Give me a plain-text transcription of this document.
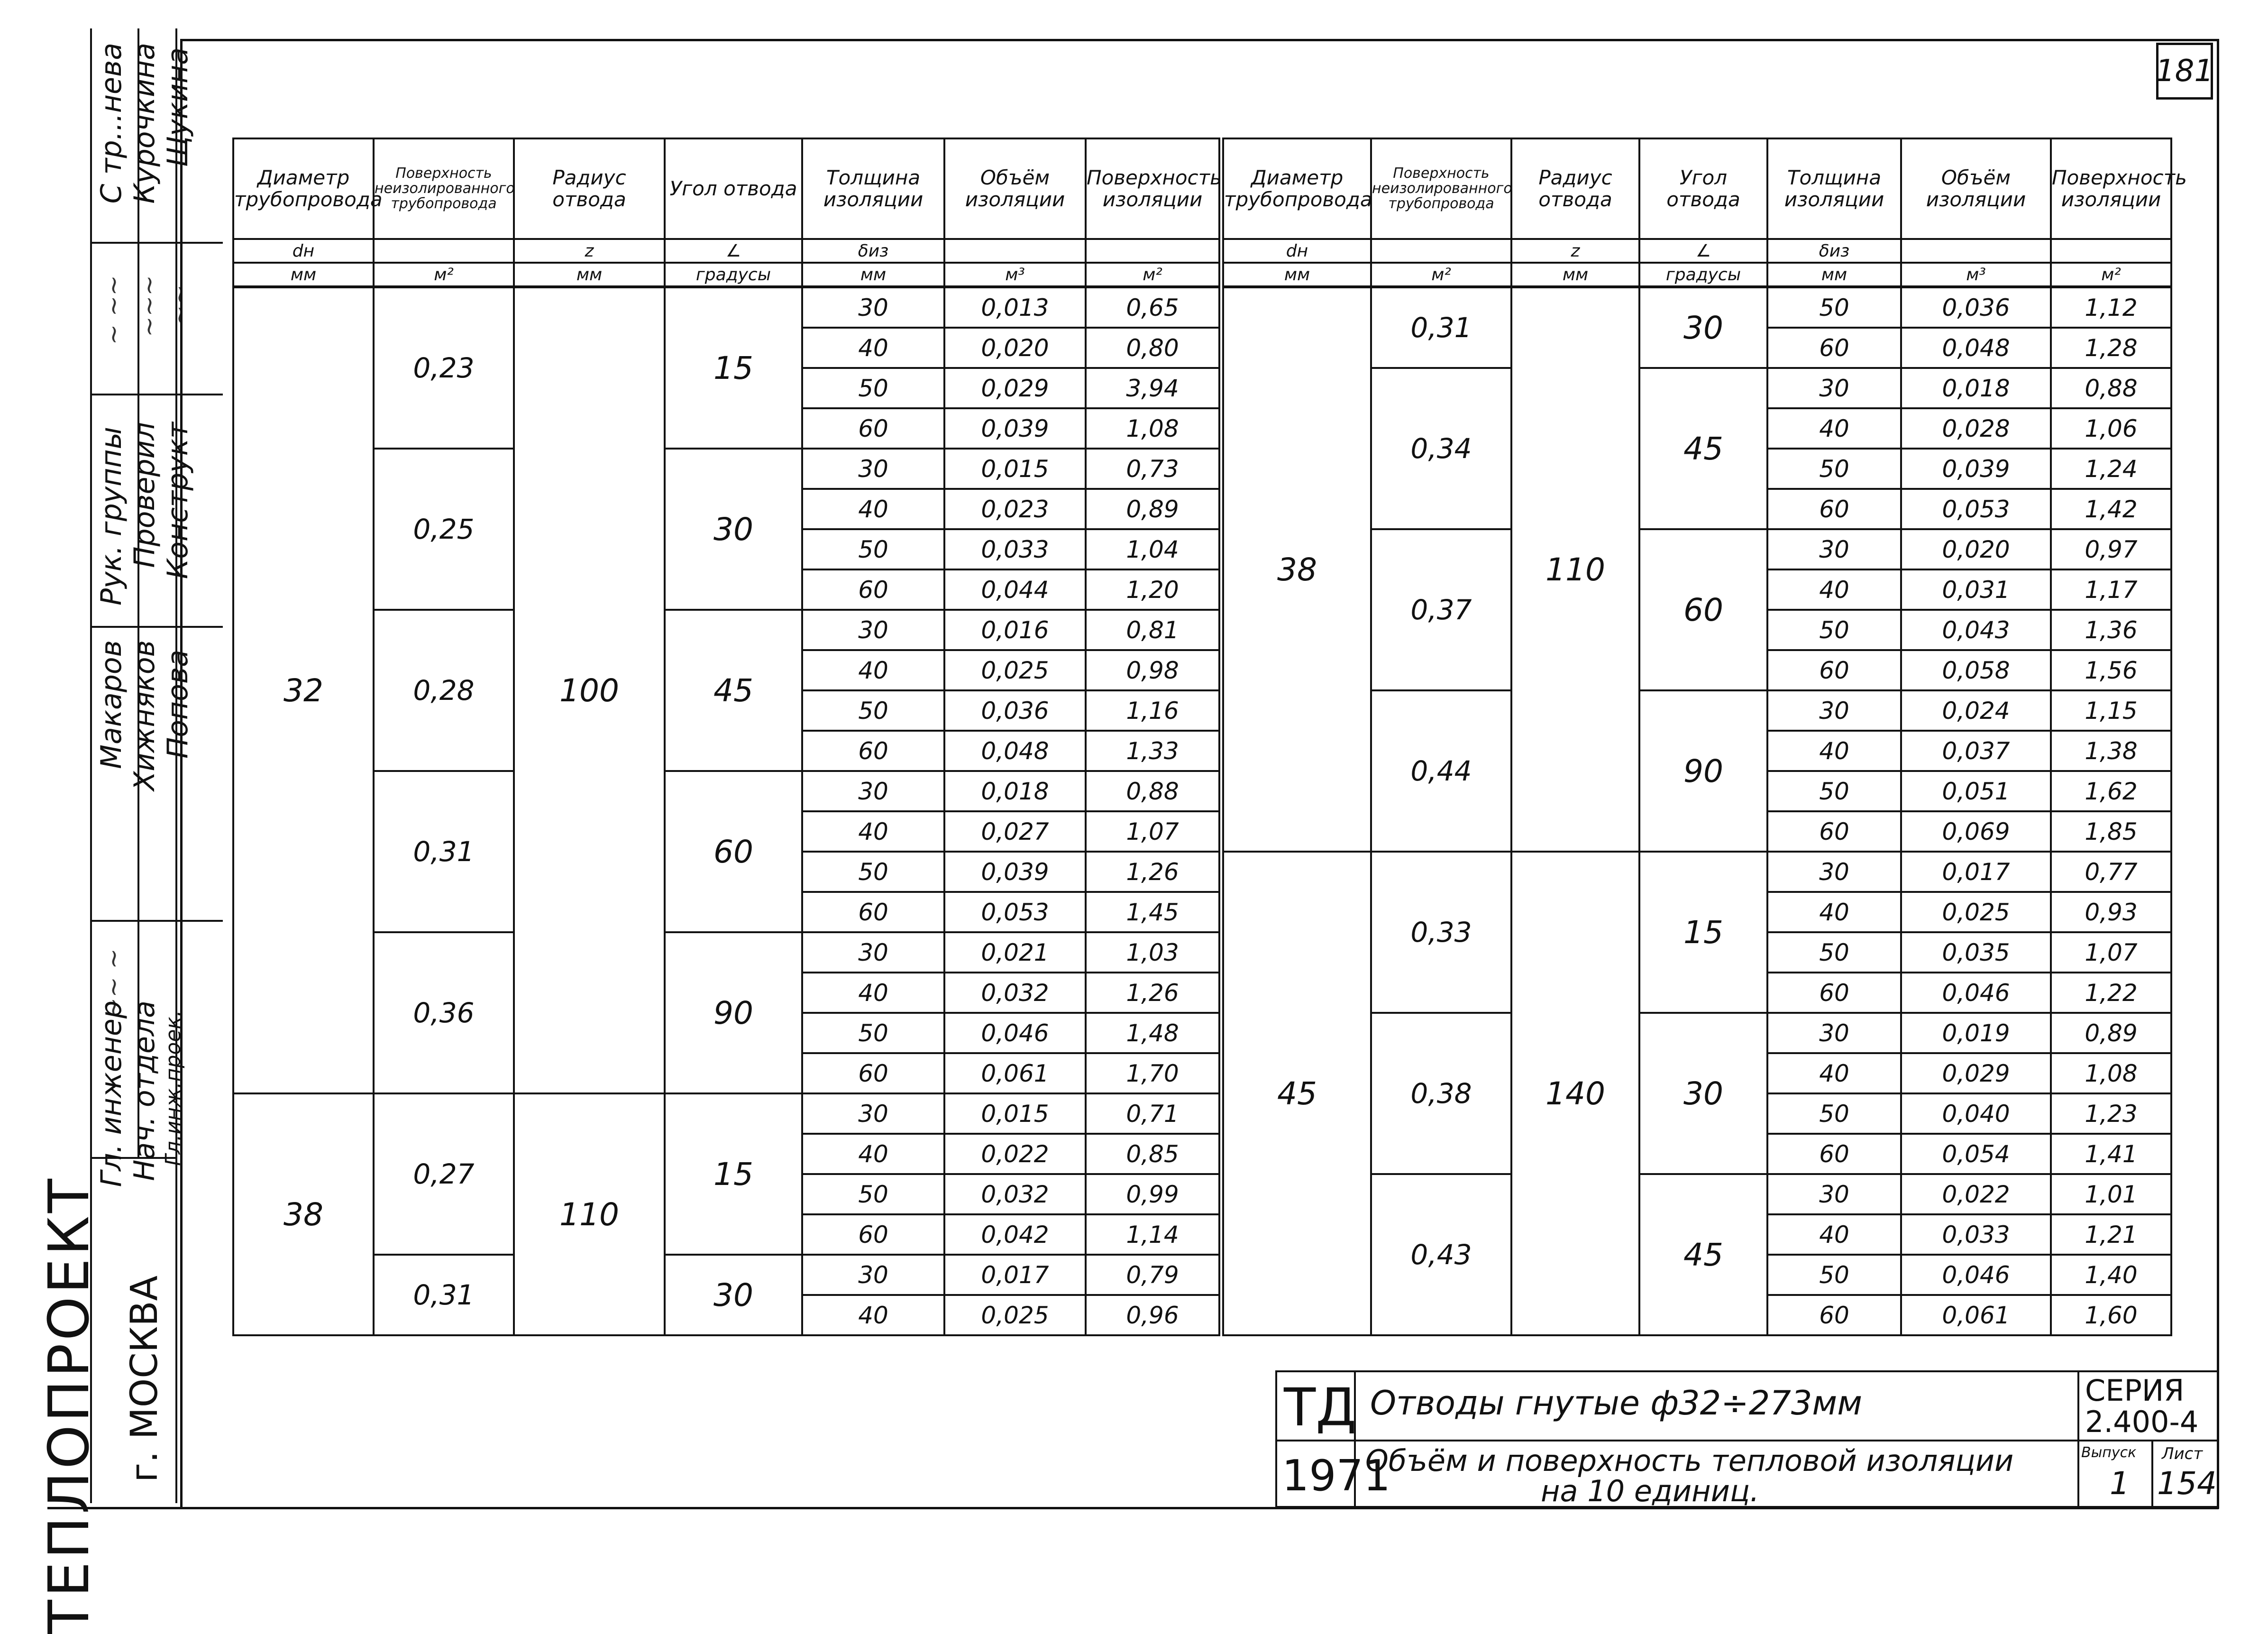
181
ТЕПЛОПРОЕКТ г. МОСКВА
Гл. инженер Нач. отдела Гл.инж.проек.
Рук. группы Проверил Конструкт
Макаров Хижняков Попова
С тр...нева Курочкина Щукина
~~ ~
~ ~~ ~~~ ~~
Диаметр трубопровода	Поверхность неизолированного трубопровода	Радиус отвода	Угол отвода	Толщина изоляции	Объём изоляции	Поверхность изоляции
dн		z	∠	δиз		
мм	м²	мм	градусы	мм	м³	м²
32	0,23	100	15	30	0,013	0,65
				40	0,020	0,80
				50	0,029	3,94
				60	0,039	1,08
	0,25		30	30	0,015	0,73
				40	0,023	0,89
				50	0,033	1,04
				60	0,044	1,20
	0,28		45	30	0,016	0,81
				40	0,025	0,98
				50	0,036	1,16
				60	0,048	1,33
	0,31		60	30	0,018	0,88
				40	0,027	1,07
				50	0,039	1,26
				60	0,053	1,45
	0,36		90	30	0,021	1,03
				40	0,032	1,26
				50	0,046	1,48
				60	0,061	1,70
38	0,27	110	15	30	0,015	0,71
				40	0,022	0,85
				50	0,032	0,99
				60	0,042	1,14
	0,31		30	30	0,017	0,79
				40	0,025	0,96
Диаметр трубопровода	Поверхность неизолированного трубопровода	Радиус отвода	Угол отвода	Толщина изоляции	Объём изоляции	Поверхность изоляции
dн		z	∠	δиз		
мм	м²	мм	градусы	мм	м³	м²
38	0,31	110	30	50	0,036	1,12
				60	0,048	1,28
	0,34		45	30	0,018	0,88
				40	0,028	1,06
				50	0,039	1,24
				60	0,053	1,42
	0,37		60	30	0,020	0,97
				40	0,031	1,17
				50	0,043	1,36
				60	0,058	1,56
	0,44		90	30	0,024	1,15
				40	0,037	1,38
				50	0,051	1,62
				60	0,069	1,85
45	0,33	140	15	30	0,017	0,77
				40	0,025	0,93
				50	0,035	1,07
				60	0,046	1,22
	0,38		30	30	0,019	0,89
				40	0,029	1,08
				50	0,040	1,23
				60	0,054	1,41
	0,43		45	30	0,022	1,01
				40	0,033	1,21
				50	0,046	1,40
				60	0,061	1,60
ТД
1971
Отводы гнутые ф32÷273мм
Объём и поверхность тепловой изоляции
на 10 единиц.
СЕРИЯ
2.400-4
Выпуск
1
Лист
154
